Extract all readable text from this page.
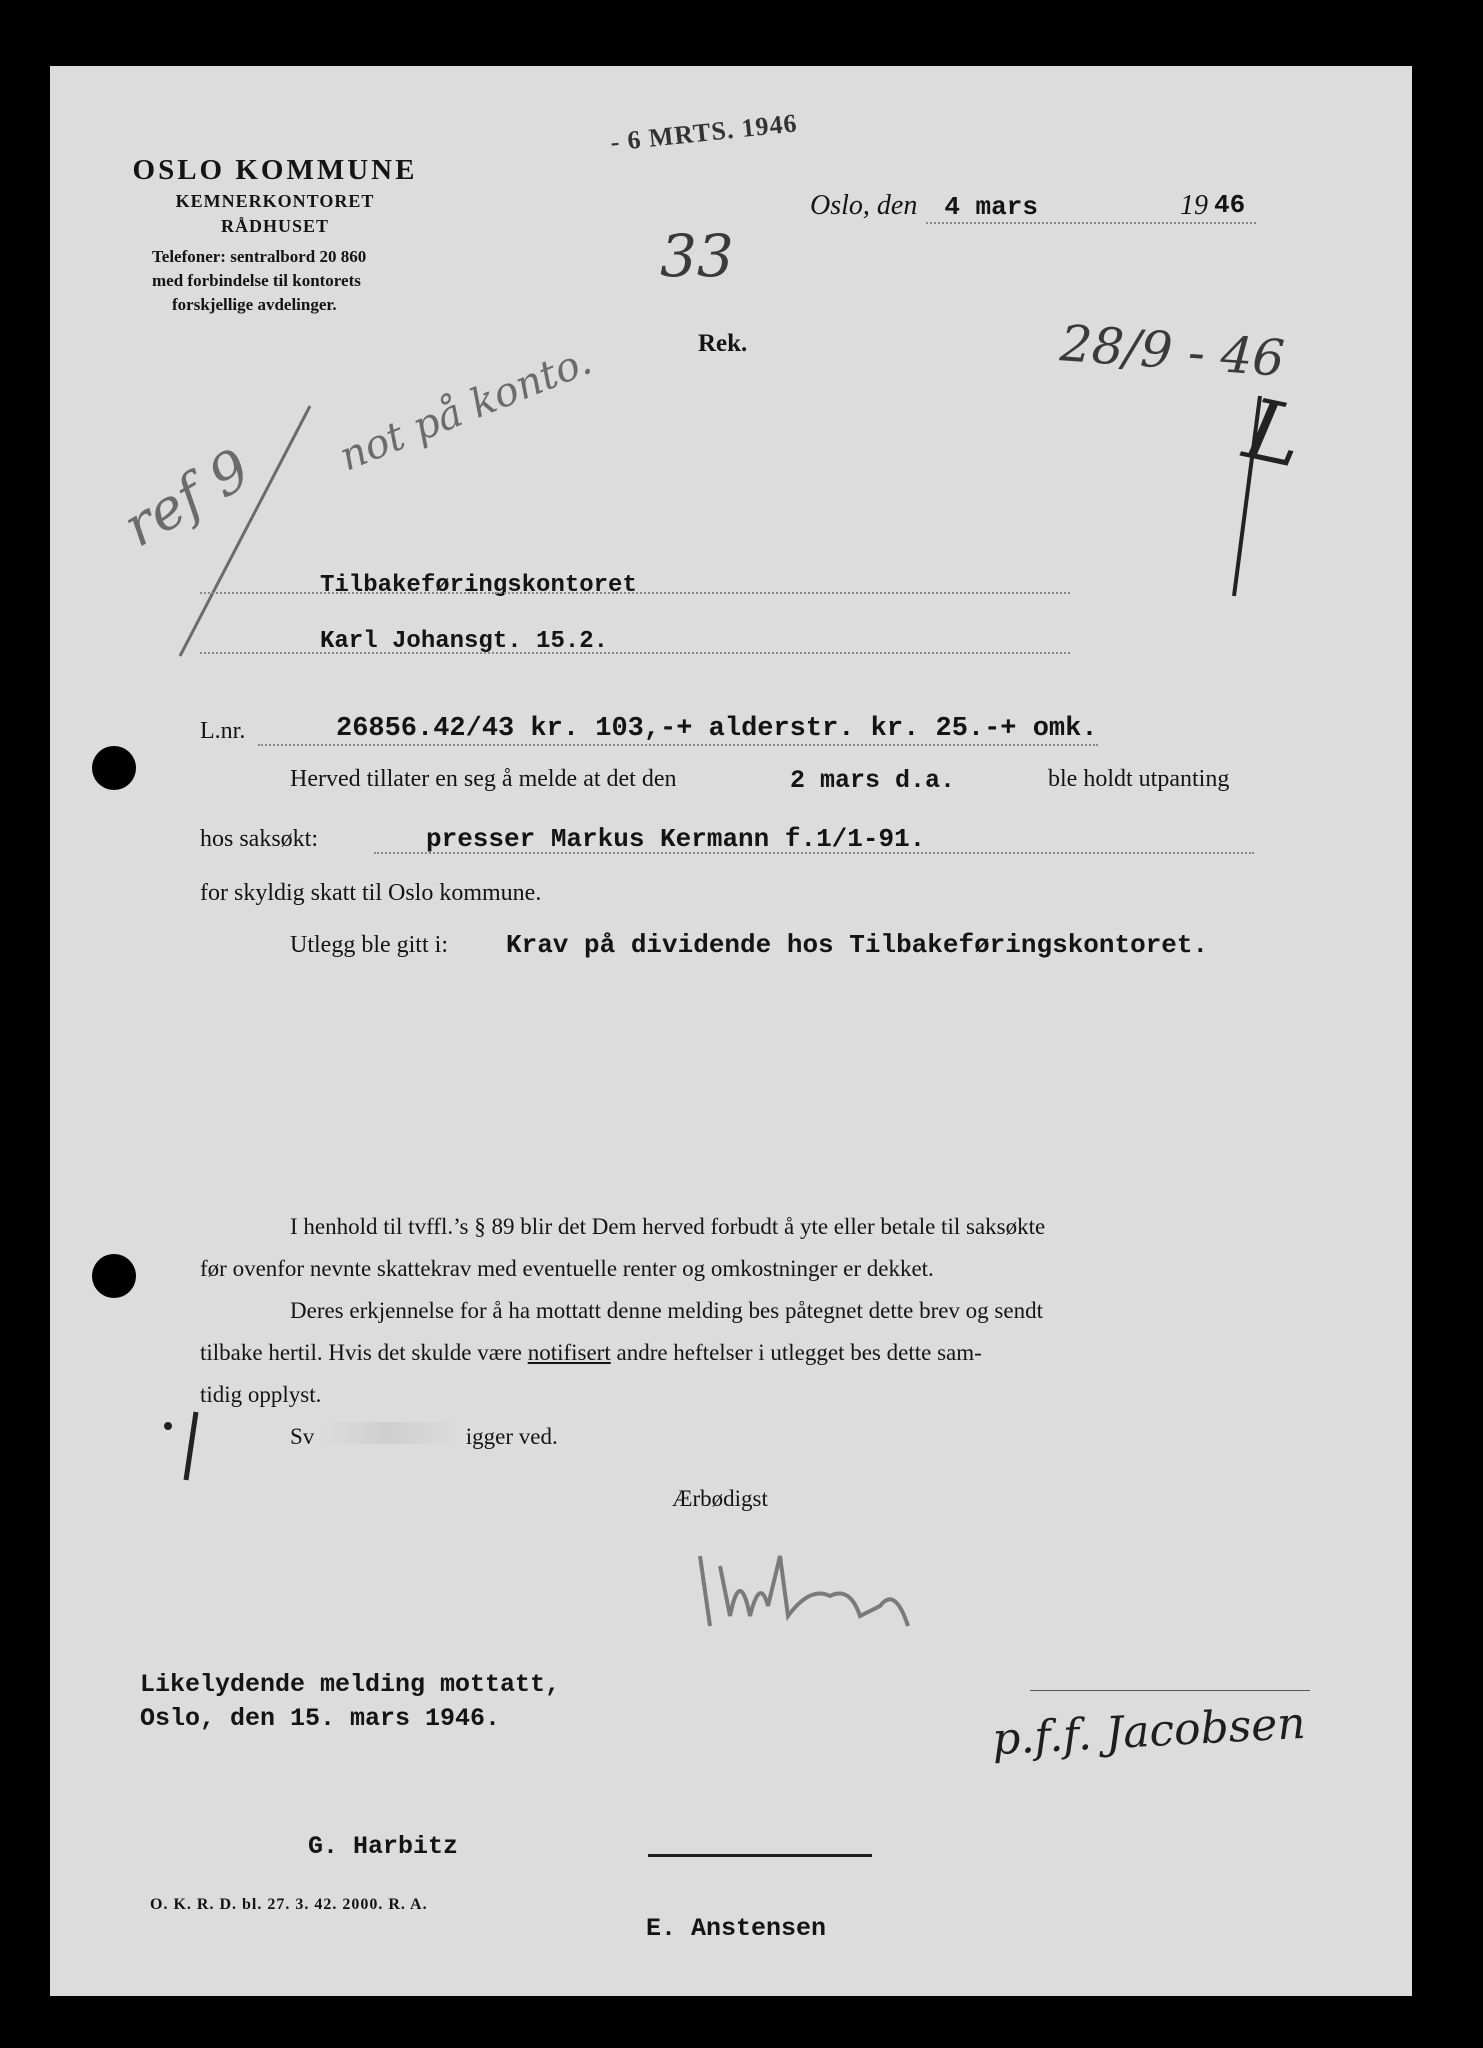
OSLO KOMMUNE
KEMNERKONTORET
RÅDHUSET
Telefoner: sentralbord 20 860
med forbindelse til kontorets
forskjellige avdelinger.
- 6 MRTS. 1946
Oslo, den 4 mars	19 46
33
Rek.	28/9 - 46
L
ref 9
not på konto.
Tilbakeføringskontoret
Karl Johansgt. 15.2.
L.nr.	26856.42/43 kr. 103,-+ alderstr. kr. 25.-+ omk.
Herved tillater en seg å melde at det den	2 mars d.a.	ble holdt utpanting
hos saksøkt:	presser Markus Kermann f.1/1-91.
for skyldig skatt til Oslo kommune.
Utlegg ble gitt i: Krav på dividende hos Tilbakeføringskontoret.
I henhold til tvffl.’s § 89 blir det Dem herved forbudt å yte eller betale til saksøkte
før ovenfor nevnte skattekrav med eventuelle renter og omkostninger er dekket.
Deres erkjennelse for å ha mottatt denne melding bes påtegnet dette brev og sendt
tilbake hertil. Hvis det skulde være notifisert andre heftelser i utlegget bes dette sam-
tidig opplyst.
Sv	igger ved.
Ærbødigst
Likelydende melding mottatt,
Oslo, den 15. mars 1946.	p.f.f. Jacobsen
G. Harbitz
E. Anstensen
O. K. R. D. bl. 27. 3. 42. 2000. R. A.
